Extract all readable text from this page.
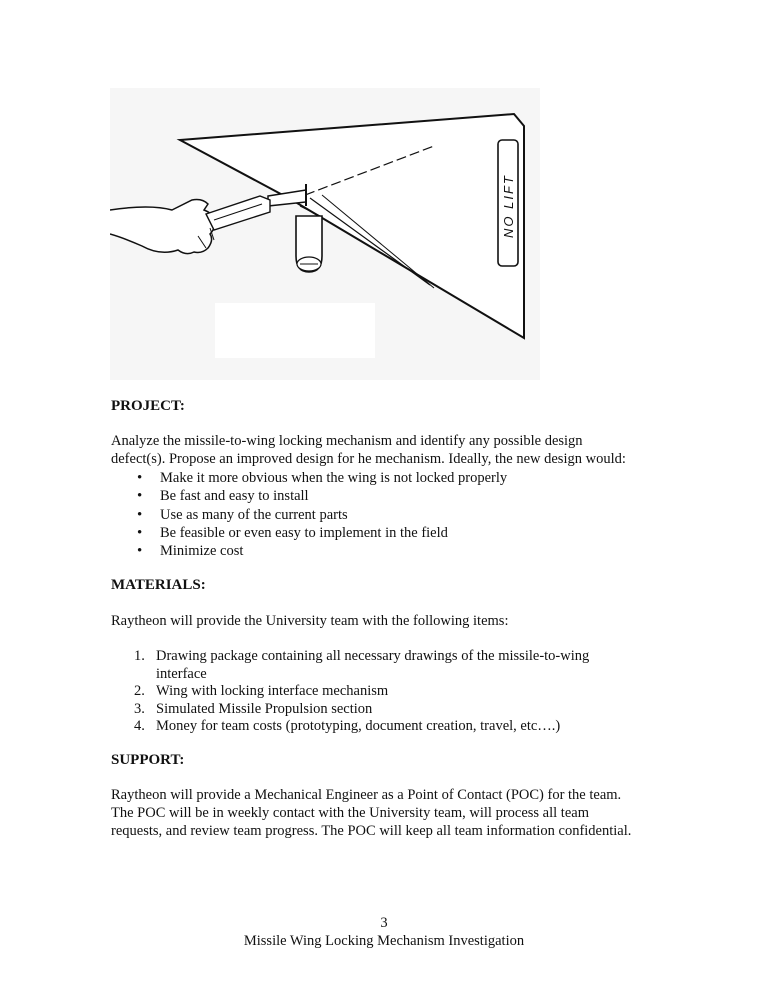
NO LIFT

PROJECT:

Analyze the missile-to-wing locking mechanism and identify any possible design

defect(s). Propose an improved design for he mechanism. Ideally, the new design would:

• Make it more obvious when the wing is not locked properly
• Be fast and easy to install
• Use as many of the current parts
• Be feasible or even easy to implement in the field
• Minimize cost

MATERIALS:

Raytheon will provide the University team with the following items:

1. Drawing package containing all necessary drawings of the missile-to-wing
interface
2. Wing with locking interface mechanism
3. Simulated Missile Propulsion section
4. Money for team costs (prototyping, document creation, travel, etc….)

SUPPORT:

Raytheon will provide a Mechanical Engineer as a Point of Contact (POC) for the team.

The POC will be in weekly contact with the University team, will process all team

requests, and review team progress. The POC will keep all team information confidential.

3
Missile Wing Locking Mechanism Investigation
